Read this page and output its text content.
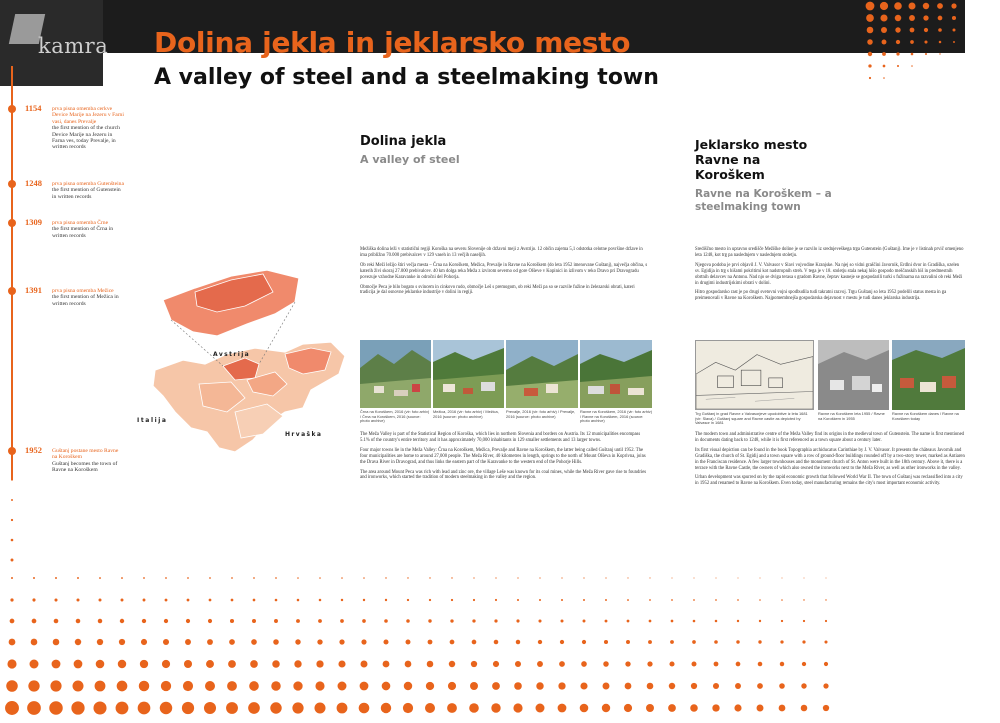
kamra Dolina jekla in jeklarsko mesto
A valley of steel and a steelmaking town
1154 prva pisna omemba cerkve Device Marije na Jezeru v Farni vasi, danes Prevalje
the first mention of the church Device Marije na Jezeru in Farna ves, today Prevalje, in written records
1248 prva pisna omemba Gutenšteina
the first mention of Gutenstein in written records
1309 prva pisna omemba Črne
the first mention of Črna in written records
1391 prva pisna omemba Mežice
the first mention of Mežica in written records
1952 Guštanj postane mesto Ravne na Koroškem
Guštanj becomes the town of Ravne na Koroškem
Avstrija
Italija
Hrvaška
Dolina jekla
A valley of steel

Mežiška dolina leži v statistični regiji Koroška na severu Slovenije ob državni meji z Avstrijo. 12 občin zajema 5,1 odstotka celotne površine države in ima približno 70.000 prebivalcev v 129 vaseh in 13 večjih naseljih.

Ob reki Meži ležijo štiri večja mesta – Črna na Koroškem, Mežica, Prevalje in Ravne na Koroškem (do leta 1952 imenovane Guštanj), največja občina, s katerih živi skoraj 27.000 prebivalcev. 40 km dolga reka Meža z izvirom severno od gore Olševe v Kopinici in izlivom v reko Dravo pri Dravogradu povezuje vzhodne Karavanke in odročni del Pohorja.

Območje Peca je bilo bogato s svincem in cinkovo rudo, območje Leš s premogom, ob reki Meži pa so se razvile fužine in železarski obrati, kateri tradicija je dal osnovne jeklarske industrije v dolini in regiji.

Črna na Koroškem, 2016 (vir: foto arhiv) / Črna na Koroškem, 2016 (source: photo archive)
Mežica, 2016 (vir: foto arhiv) / Mežica, 2016 (source: photo archive)
Prevalje, 2016 (vir: foto arhiv) / Prevalje, 2016 (source: photo archive)
Ravne na Koroškem, 2016 (vir: foto arhiv) / Ravne na Koroškem, 2016 (source: photo archive)

The Meža Valley is part of the Statistical Region of Koroška, which lies in northern Slovenia and borders on Austria. Its 12 municipalities encompass 5.1% of the country's entire territory and it has approximately 70,000 inhabitants in 129 smaller settlements and 13 larger towns.

Four major towns lie in the Meža Valley: Črna na Koroškem, Mežica, Prevalje and Ravne na Koroškem, the latter being called Guštanj until 1952. The four municipalities are home to around 27,000 people. The Meža River, 40 kilometres in length, springs to the north of Mount Olševa in Koprivna, joins the Drava River in Dravograd, and thus links the eastern part of the Karavanke to the western end of the Pohorje Hills.

The area around Mount Peca was rich with lead and zinc ore, the village Leše was known for its coal mines, while the Meža River gave rise to foundries and ironworks, which started the tradition of modern steelmaking in the valley and the region.

Jeklarsko mesto Ravne na Koroškem
Ravne na Koroškem – a steelmaking town

Središčno mesto in upravno središče Mežiške doline je se razvilo iz srednjeveškega trga Gutenstein (Guštanj). Ime je v listinah prvič omenjeno leta 1248, kot trg pa naslednjem v naslednjem stoletju.

Njegova podoba je prvi objavil J. V. Valvasor v Slavi vojvodine Kranjske. Na njej so vidni graščini Javornik, Erdlni dvor in Gradiška, ozelen sv. Egidija in trg s hišami pokritimi kot nadstropnih streh. V tega je v 18. stoletju stala nekaj hišo gospodo meščanskih hiš in predmestnih obrtnih delavcev na Antonu. Nad njo se dviga terasa s gradom Ravne, čeprav kasneje se gospodarili turki s fužinarna na razvalini ob reki Meži in drugimi industrijskimi obrati v dolini.

Hitro gospodarsko rast je po drugi svetovni vojni spodbudila tudi takratni razvoj. Trgu Guštanj so leta 1952 podelili status mesta in ga preimenovali v Ravne na Koroškem. Najpomembnejša gospodarska dejavnost v mestu je tudi danes jeklarska industrija.

Trg Guštanj in grad Ravne z Valvasorjeve upodobitve iz leta 1681 (vir: Slava) / Guštanj square and Ravne castle as depicted by Valvasor in 1681
Ravne na Koroškem leta 1955 / Ravne na Koroškem in 1955
Ravne na Koroškem danes / Ravne na Koroškem today

The modern town and administrative centre of the Meža Valley find its origins in the medieval town of Gutenstein. The name is first mentioned in documents dating back to 1248, while it is first referenced as a town square about a century later.

Its first visual depiction can be found in the book Topographia archiducatus Carinthiae by J. V. Valvasor. It presents the châteaux Javornik and Gradiška, the church of St. Egidij and a town square with a row of ground-floor buildings rounded off by a two-story tower, marked as Antiaren in the Franciscan residence. A few larger townhouses and the monument church of St. Anton were built in the 18th century. Above it, there is a terrace with the Ravne Castle, the owners of which also owned the ironworks next to the Meža River, as well as other ironworks in the valley.

Urban development was spurred on by the rapid economic growth that followed World War II. The town of Guštanj was reclassified into a city in 1952 and renamed to Ravne na Koroškem. Even today, steel manufacturing remains the city's most important economic activity.
